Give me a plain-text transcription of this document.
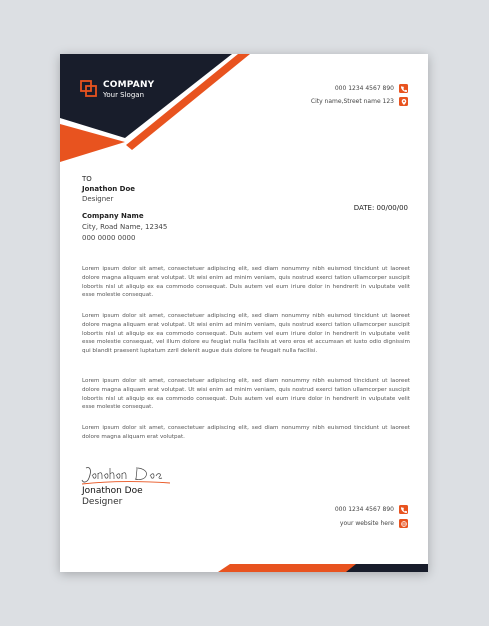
COMPANY
Your Slogan
000 1234 4567 890
City name,Street name 123
TO
Jonathon Doe
Designer
Company Name
City, Road Name, 12345
000 0000 0000
DATE: 00/00/00

Lorem ipsum dolor sit amet, consectetuer adipiscing elit, sed diam nonummy nibh euismod tincidunt ut laoreet dolore magna aliquam erat volutpat. Ut wisi enim ad minim veniam, quis nostrud exerci tation ullamcorper suscipit lobortis nisl ut aliquip ex ea commodo consequat. Duis autem vel eum iriure dolor in hendrerit in vulputate velit esse molestie consequat.

Lorem ipsum dolor sit amet, consectetuer adipiscing elit, sed diam nonummy nibh euismod tincidunt ut laoreet dolore magna aliquam erat volutpat. Ut wisi enim ad minim veniam, quis nostrud exerci tation ullamcorper suscipit lobortis nisl ut aliquip ex ea commodo consequat. Duis autem vel eum iriure dolor in hendrerit in vulputate velit esse molestie consequat, vel illum dolore eu feugiat nulla facilisis at vero eros et accumsan et iusto odio dignissim qui blandit praesent luptatum zzril delenit augue duis dolore te feugait nulla facilisi.

Lorem ipsum dolor sit amet, consectetuer adipiscing elit, sed diam nonummy nibh euismod tincidunt ut laoreet dolore magna aliquam erat volutpat. Ut wisi enim ad minim veniam, quis nostrud exerci tation ullamcorper suscipit lobortis nisl ut aliquip ex ea commodo consequat. Duis autem vel eum iriure dolor in hendrerit in vulputate velit esse molestie consequat.

Lorem ipsum dolor sit amet, consectetuer adipiscing elit, sed diam nonummy nibh euismod tincidunt ut laoreet dolore magna aliquam erat volutpat.

Jonathon Doe
Designer
000 1234 4567 890
your website here
